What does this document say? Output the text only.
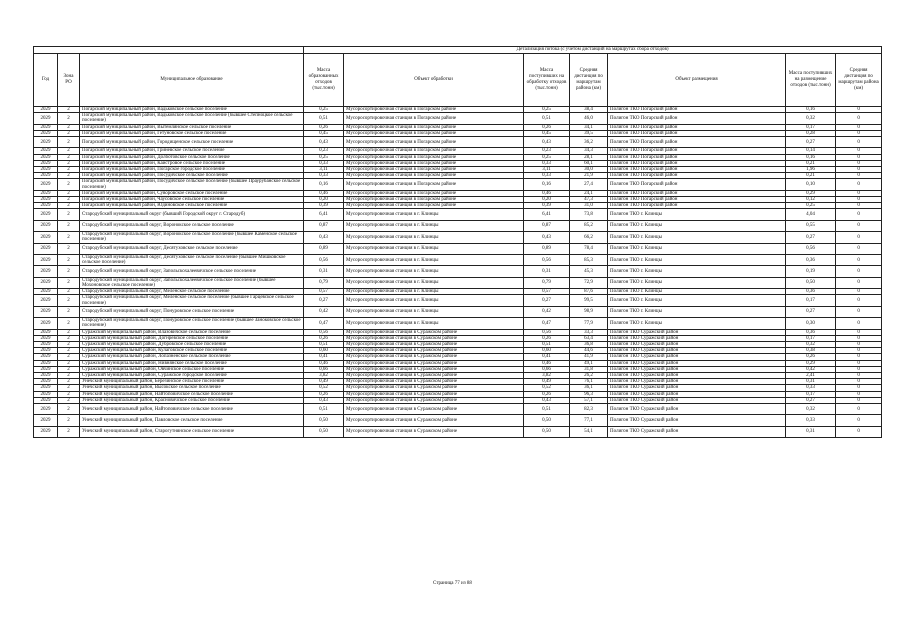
			Детализация потока (с учетом дистанций на маршрутах сбора отходов)						
Год	Зона РО	Муниципальное образование	Масса образованных отходов (тыс.тонн)	Объект обработки	Масса поступивших на обработку отходов (тыс.тонн)	Средняя дистанция по маршрутам района (км)	Объект размещения	Масса поступивших на размещение отходов (тыс.тонн)	Средняя дистанция по маршрутам района (км)
2029	2	Погарский муниципальный район, Вадьковское сельское поселение	0,25	Мусоросортировочная станция в Погарском районе	0,25	38,4	Полигон ТКО Погарский район	0,16	0
2029	2	Погарский муниципальный район, Вадьковское сельское поселение (бывшее Степноцкое сельское поселение)	0,51	Мусоросортировочная станция в Погарском районе	0,51	46,0	Полигон ТКО Погарский район	0,32	0
2029	2	Погарский муниципальный район, Вытемлянское сельское поселение	0,26	Мусоросортировочная станция в Погарском районе	0,26	34,1	Полигон ТКО Погарский район	0,17	0
2029	2	Погарский муниципальный район, Гетуновское сельское поселение	0,45	Мусоросортировочная станция в Погарском районе	0,45	39,5	Полигон ТКО Погарский район	0,28	0
2029	2	Погарский муниципальный район, Городищенское сельское поселение	0,43	Мусоросортировочная станция в Погарском районе	0,43	36,2	Полигон ТКО Погарский район	0,27	0
2029	2	Погарский муниципальный район, Гриневское сельское поселение	0,23	Мусоросортировочная станция в Погарском районе	0,23	34,3	Полигон ТКО Погарский район	0,14	0
2029	2	Погарский муниципальный район, Долботовское сельское поселение	0,25	Мусоросортировочная станция в Погарском районе	0,25	28,1	Полигон ТКО Погарский район	0,16	0
2029	2	Погарский муниципальный район, Каистровое сельское поселение	0,33	Мусоросортировочная станция в Погарском районе	0,33	60,1	Полигон ТКО Погарский район	0,21	0
2029	2	Погарский муниципальный район, Погарское городское поселение	3,11	Мусоросортировочная станция в Погарском районе	3,11	30,0	Полигон ТКО Погарский район	1,96	0
2029	2	Погарский муниципальный район, Посудичское сельское поселение	0,33	Мусоросортировочная станция в Погарском районе	0,33	21,9	Полигон ТКО Погарский район	0,21	0
2029	2	Погарский муниципальный район, Посудичское сельское поселение (бывшее Праурубанское сельское поселение)	0,16	Мусоросортировочная станция в Погарском районе	0,16	27,4	Полигон ТКО Погарский район	0,10	0
2029	2	Погарский муниципальный район, Суворовское сельское поселение	0,46	Мусоросортировочная станция в Погарском районе	0,46	24,1	Полигон ТКО Погарский район	0,29	0
2029	2	Погарский муниципальный район, Чаусовское сельское поселение	0,20	Мусоросортировочная станция в Погарском районе	0,20	47,3	Полигон ТКО Погарский район	0,12	0
2029	2	Погарский муниципальный район, Юдиновское сельское поселение	0,39	Мусоросортировочная станция в Погарском районе	0,39	31,0	Полигон ТКО Погарский район	0,25	0
2029	2	Стародубский муниципальный округ (бывший Городской округ г. Стародуб)	6,41	Мусоросортировочная станция в г. Клинцы	6,41	73,8	Полигон ТКО г. Клинцы	4,04	0
2029	2	Стародубский муниципальный округ, Воронокское сельское поселение	0,87	Мусоросортировочная станция в г. Клинцы	0,87	85,2	Полигон ТКО г. Клинцы	0,55	0
2029	2	Стародубский муниципальный округ, Воронокское сельское поселение (бывшее Каменское сельское поселение)	0,43	Мусоросортировочная станция в г. Клинцы	0,43	66,2	Полигон ТКО г. Клинцы	0,27	0
2029	2	Стародубский муниципальный округ, Десятуховское сельское поселение	0,89	Мусоросортировочная станция в г. Клинцы	0,89	78,4	Полигон ТКО г. Клинцы	0,56	0
2029	2	Стародубский муниципальный округ, Десятуховское сельское поселение (бывшее Мишковское сельское поселение)	0,56	Мусоросортировочная станция в г. Клинцы	0,56	85,3	Полигон ТКО г. Клинцы	0,36	0
2029	2	Стародубский муниципальный округ, Запольскохалеевичское сельское поселение	0,31	Мусоросортировочная станция в г. Клинцы	0,31	45,3	Полигон ТКО г. Клинцы	0,19	0
2029	2	Стародубский муниципальный округ, Запольскохалеевичское сельское поселение (бывшее Мохоновское сельское поселение)	0,79	Мусоросортировочная станция в г. Клинцы	0,79	72,9	Полигон ТКО г. Клинцы	0,50	0
2029	2	Стародубский муниципальный округ, Меленское сельское поселение	0,57	Мусоросортировочная станция в г. Клинцы	0,57	87,6	Полигон ТКО г. Клинцы	0,36	0
2029	2	Стародубский муниципальный округ, Меленское сельское поселение (бывшее Гарцевское сельское поселение)	0,27	Мусоросортировочная станция в г. Клинцы	0,27	99,5	Полигон ТКО г. Клинцы	0,17	0
2029	2	Стародубский муниципальный округ, Понуровское сельское поселение	0,42	Мусоросортировочная станция в г. Клинцы	0,42	98,9	Полигон ТКО г. Клинцы	0,27	0
2029	2	Стародубский муниципальный округ, Понуровское сельское поселение (бывшее Заноковское сельское поселение)	0,47	Мусоросортировочная станция в г. Клинцы	0,47	77,9	Полигон ТКО г. Клинцы	0,30	0
2029	2	Суражский муниципальный район, Влазовичское сельское поселение	0,56	Мусоросортировочная станция в Суражском районе	0,56	33,3	Полигон ТКО Суражский район	0,36	0
2029	2	Суражский муниципальный район, Догнревское сельское поселение	0,26	Мусоросортировочная станция в Суражском районе	0,26	63,4	Полигон ТКО Суражский район	0,17	0
2029	2	Суражский муниципальный район, Дубровское сельское поселение	0,51	Мусоросортировочная станция в Суражском районе	0,51	36,8	Полигон ТКО Суражский район	0,32	0
2029	2	Суражский муниципальный район, Кулаговское сельское поселение	0,60	Мусоросортировочная станция в Суражском районе	0,60	44,6	Полигон ТКО Суражский район	0,38	0
2029	2	Суражский муниципальный район, Лопазненское сельское поселение	0,41	Мусоросортировочная станция в Суражском районе	0,41	41,9	Полигон ТКО Суражский район	0,26	0
2029	2	Суражский муниципальный район, Нивнянское сельское поселение	0,46	Мусоросортировочная станция в Суражском районе	0,46	49,1	Полигон ТКО Суражский район	0,29	0
2029	2	Суражский муниципальный район, Овчинское сельское поселение	0,66	Мусоросортировочная станция в Суражском районе	0,66	31,8	Полигон ТКО Суражский район	0,42	0
2029	2	Суражский муниципальный район, Суражское городское поселение	3,82	Мусоросортировочная станция в Суражском районе	3,82	26,2	Полигон ТКО Суражский район	2,41	0
2029	2	Унечский муниципальный район, Березинское сельское поселение	0,49	Мусоросортировочная станция в Суражском районе	0,49	76,1	Полигон ТКО Суражский район	0,31	0
2029	2	Унечский муниципальный район, Высокское сельское поселение	0,52	Мусоросортировочная станция в Суражском районе	0,52	36,1	Полигон ТКО Суражский район	0,33	0
2029	2	Унечский муниципальный район, Найтоповичское сельское поселение	0,26	Мусоросортировочная станция в Суражском районе	0,26	96,3	Полигон ТКО Суражский район	0,17	0
2029	2	Унечский муниципальный район, Красновичское сельское поселение	0,43	Мусоросортировочная станция в Суражском районе	0,43	57,1	Полигон ТКО Суражский район	0,27	0
2029	2	Унечский муниципальный район, Найтоповичское сельское поселение	0,51	Мусоросортировочная станция в Суражском районе	0,51	82,3	Полигон ТКО Суражский район	0,32	0
2029	2	Унечский муниципальный район, Павловское сельское поселение	0,50	Мусоросортировочная станция в Суражском районе	0,50	77,1	Полигон ТКО Суражский район	0,33	0
2029	2	Унечский муниципальный район, Старогутнянское сельское поселение	0,50	Мусоросортировочная станция в Суражском районе	0,50	54,1	Полигон ТКО Суражский район	0,31	0
Страница 77 из 88
